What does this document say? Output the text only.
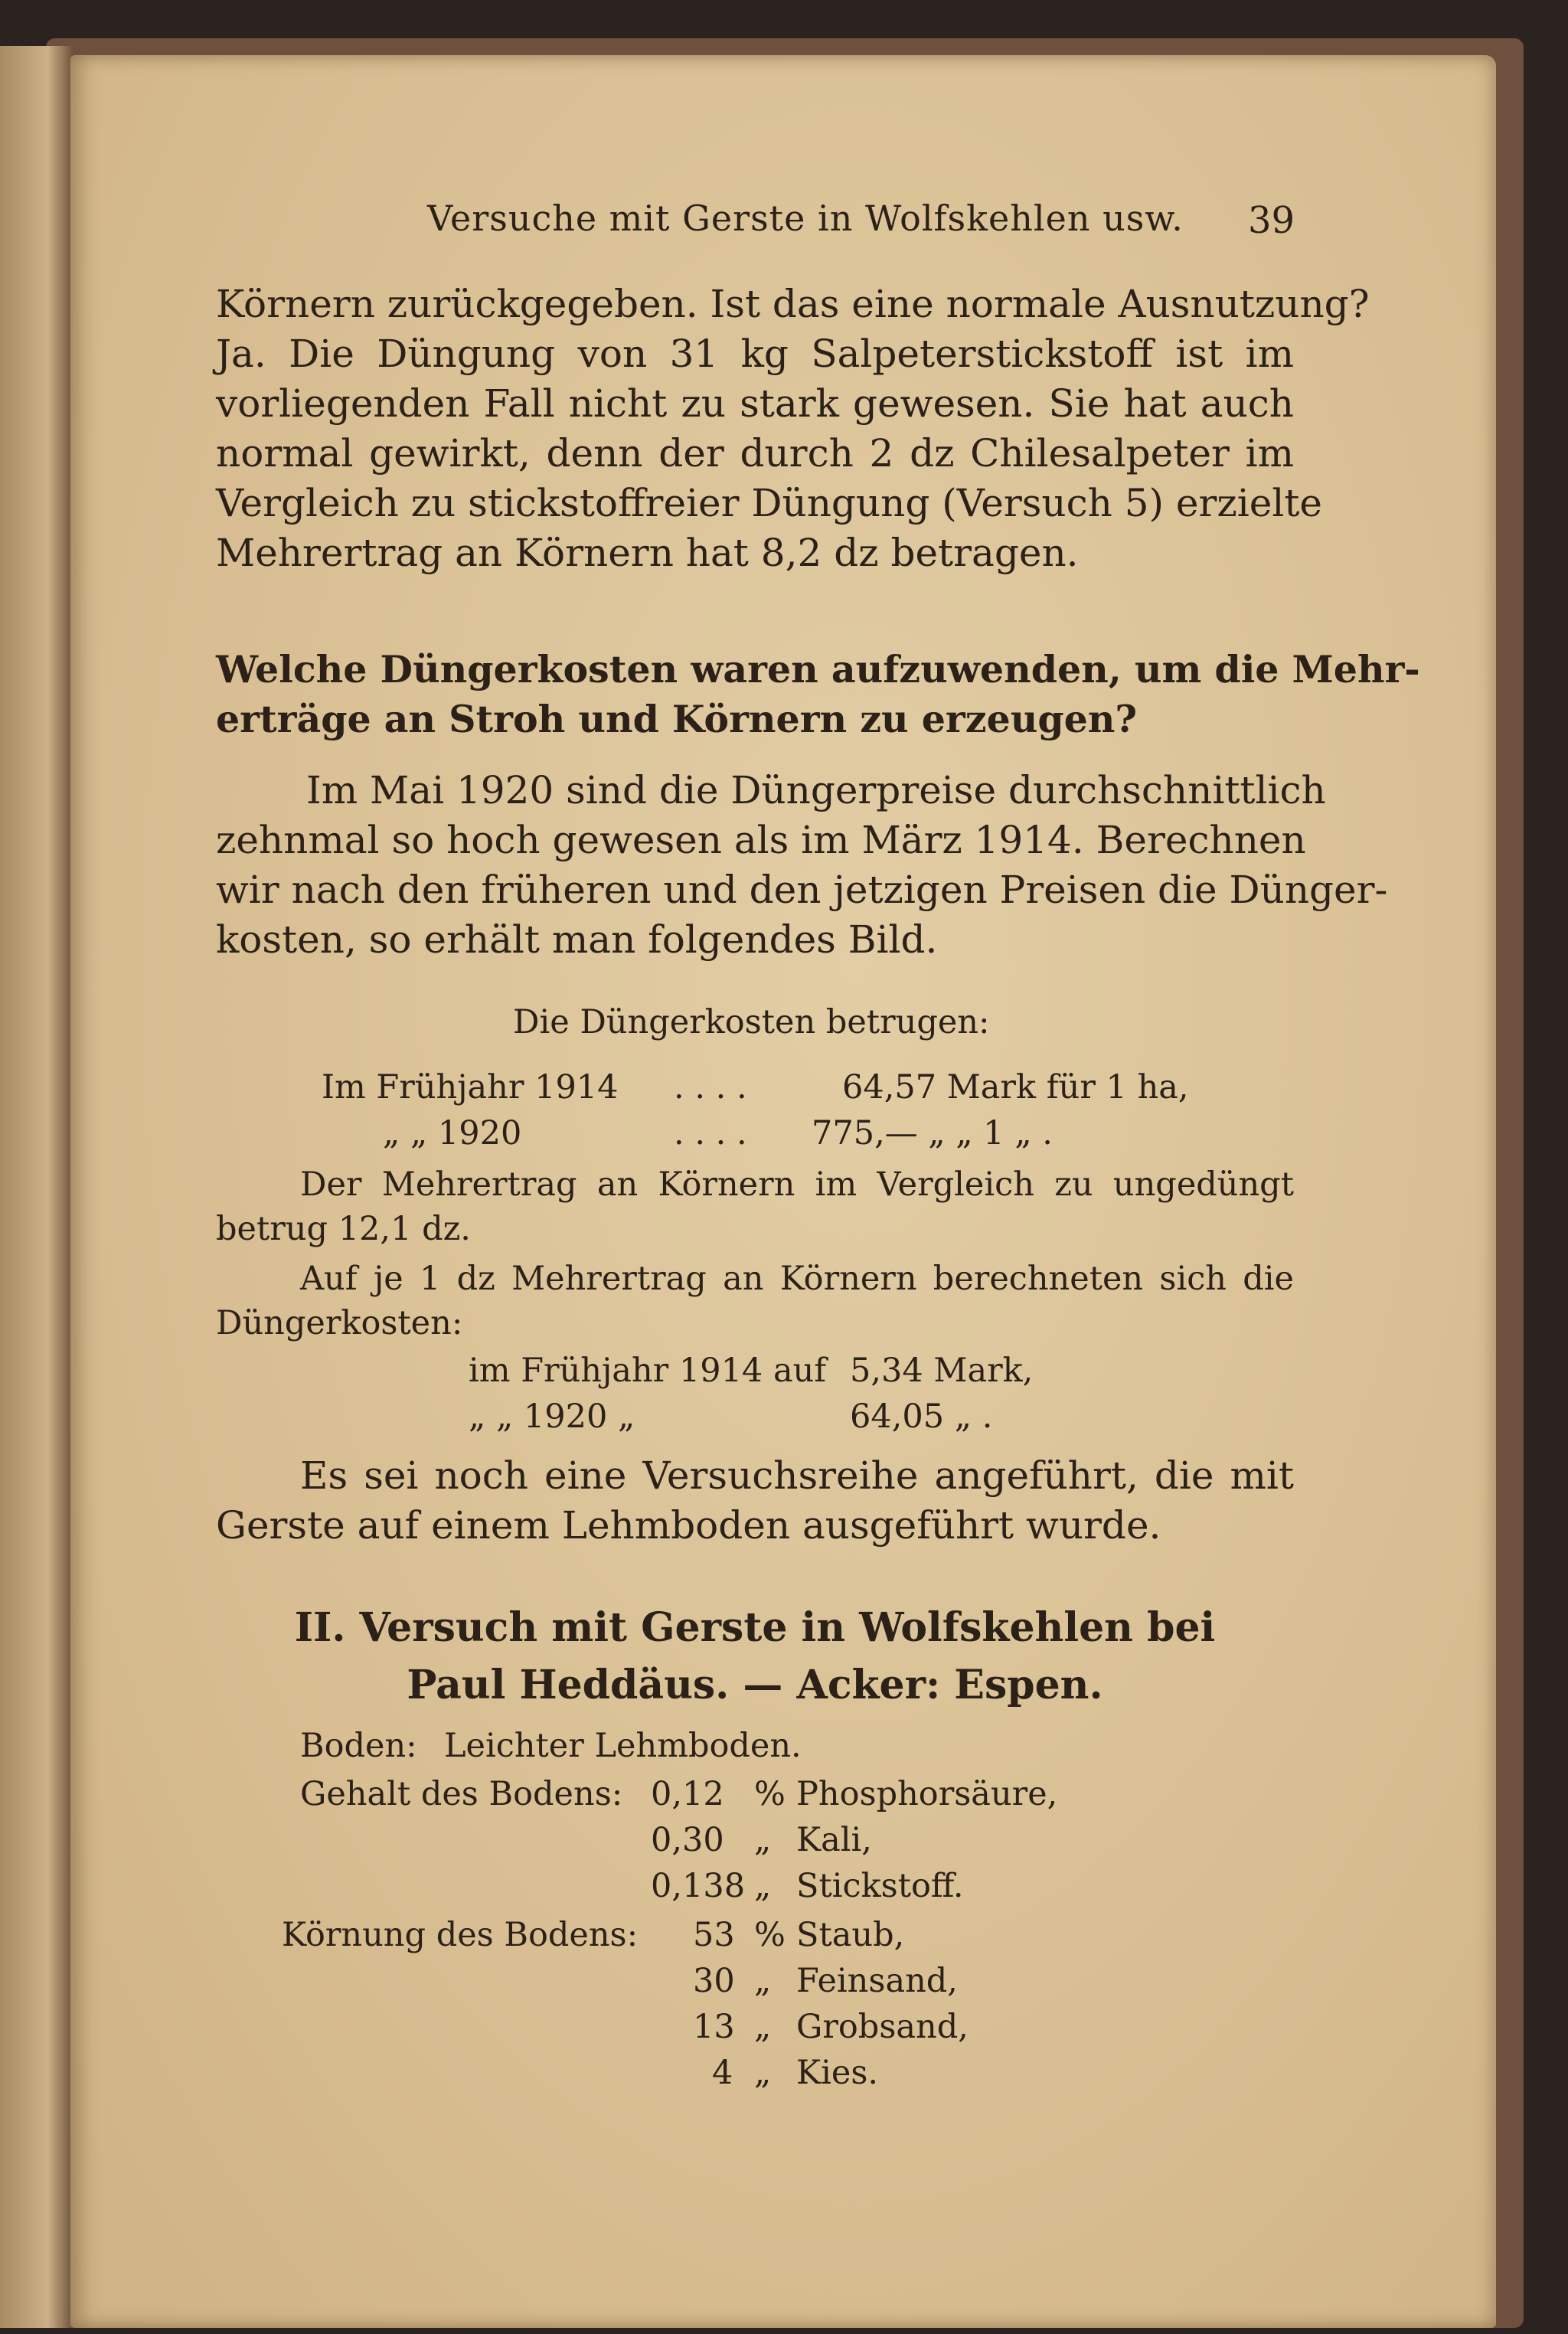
Versuche mit Gerste in Wolfskehlen usw. 39
Körnern zurückgegeben. Ist das eine normale Ausnutzung?
Ja. Die Düngung von 31 kg Salpeterstickstoff ist im
vorliegenden Fall nicht zu stark gewesen. Sie hat auch
normal gewirkt, denn der durch 2 dz Chilesalpeter im
Vergleich zu stickstoffreier Düngung (Versuch 5) erzielte
Mehrertrag an Körnern hat 8,2 dz betragen.
Welche Düngerkosten waren aufzuwenden, um die Mehr-
erträge an Stroh und Körnern zu erzeugen?
Im Mai 1920 sind die Düngerpreise durchschnittlich
zehnmal so hoch gewesen als im März 1914. Berechnen
wir nach den früheren und den jetzigen Preisen die Dünger-
kosten, so erhält man folgendes Bild.
Die Düngerkosten betrugen:
Im Frühjahr 1914 . . . .	64,57 Mark für 1 ha,
„ „ 1920	. . . . 775,— „ „ 1 „ .
Der Mehrertrag an Körnern im Vergleich zu ungedüngt
betrug 12,1 dz.
Auf je 1 dz Mehrertrag an Körnern berechneten sich die
Düngerkosten:
im Frühjahr 1914 auf 5,34 Mark,
„ „ 1920 „	64,05 „ .
Es sei noch eine Versuchsreihe angeführt, die mit
Gerste auf einem Lehmboden ausgeführt wurde.
II. Versuch mit Gerste in Wolfskehlen bei
Paul Heddäus. — Acker: Espen.
Boden: Leichter Lehmboden.
Gehalt des Bodens: 0,12 % Phosphorsäure,
0,30 „ Kali,
0,138 „ Stickstoff.
Körnung des Bodens: 53 % Staub,
30 „ Feinsand,
13 „ Grobsand,
4 „ Kies.
